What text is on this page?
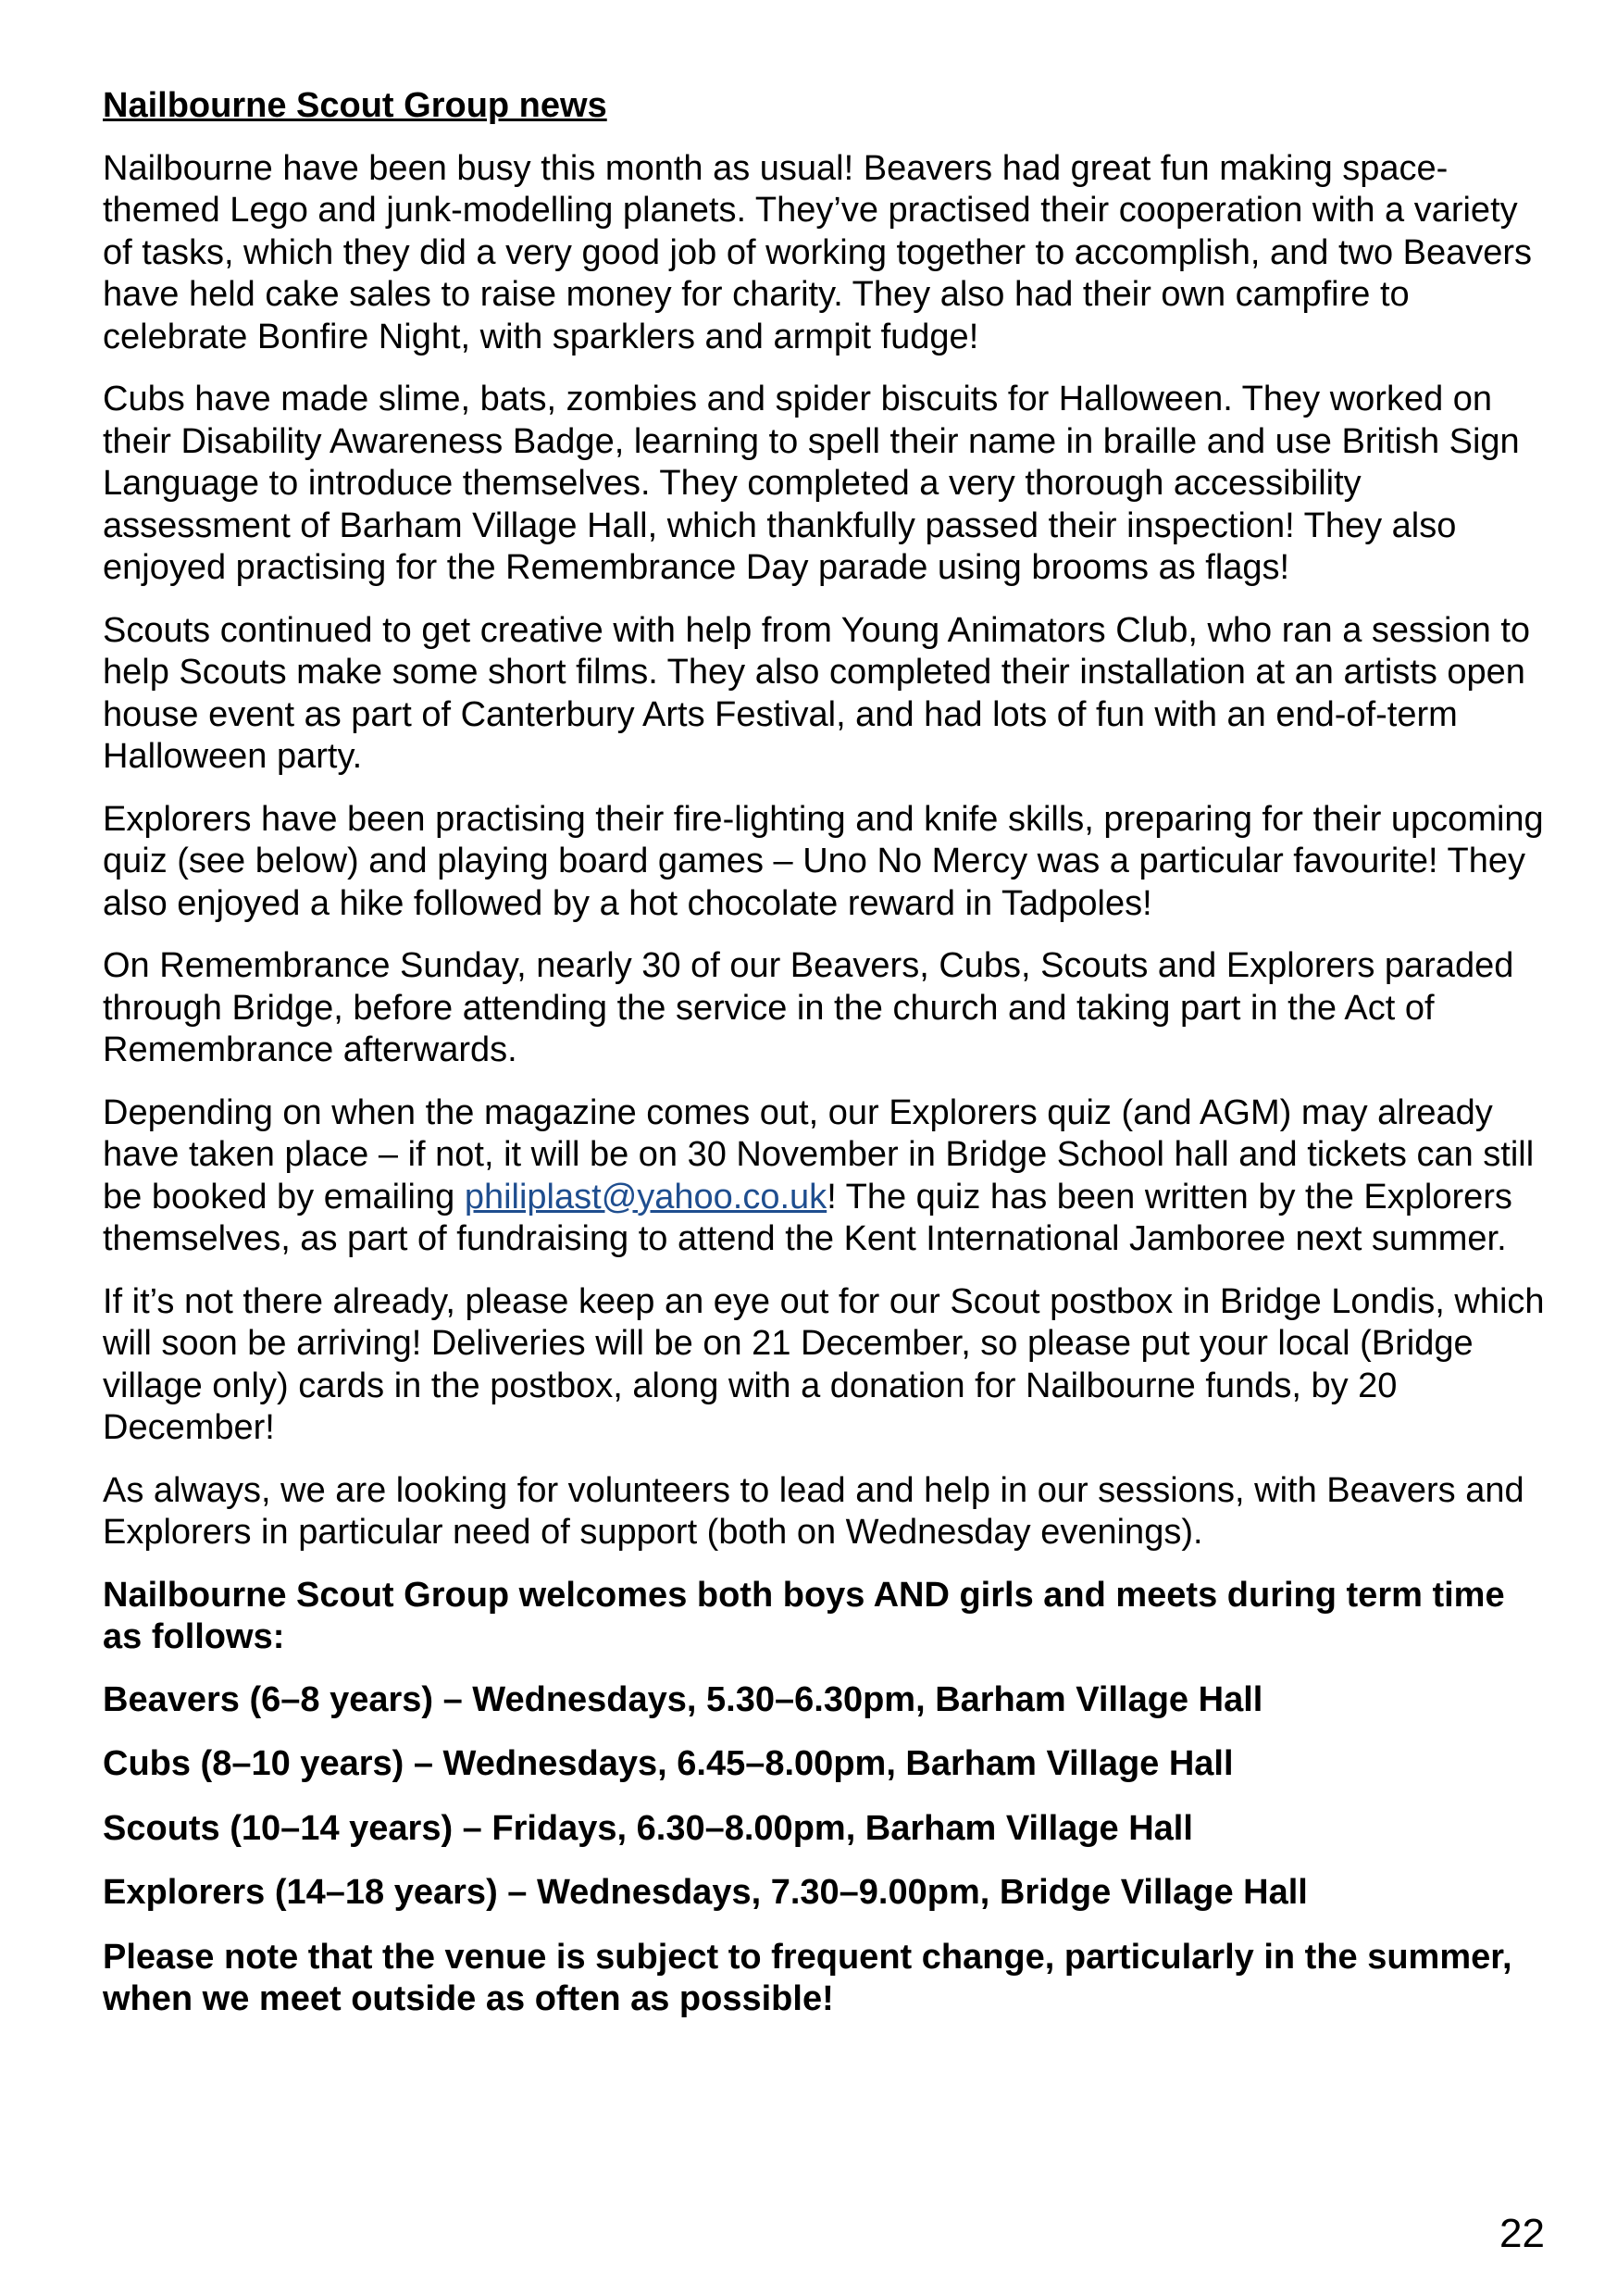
Nailbourne Scout Group news

Nailbourne have been busy this month as usual! Beavers had great fun making space-themed Lego and junk-modelling planets. They’ve practised their cooperation with a variety of tasks, which they did a very good job of working together to accomplish, and two Beavers have held cake sales to raise money for charity. They also had their own campfire to celebrate Bonfire Night, with sparklers and armpit fudge!

Cubs have made slime, bats, zombies and spider biscuits for Halloween. They worked on their Disability Awareness Badge, learning to spell their name in braille and use British Sign Language to introduce themselves. They completed a very thorough accessibility assessment of Barham Village Hall, which thankfully passed their inspection! They also enjoyed practising for the Remembrance Day parade using brooms as flags!

Scouts continued to get creative with help from Young Animators Club, who ran a session to help Scouts make some short films. They also completed their installation at an artists open house event as part of Canterbury Arts Festival, and had lots of fun with an end-of-term Halloween party.

Explorers have been practising their fire-lighting and knife skills, preparing for their upcoming quiz (see below) and playing board games – Uno No Mercy was a particular favourite! They also enjoyed a hike followed by a hot chocolate reward in Tadpoles!

On Remembrance Sunday, nearly 30 of our Beavers, Cubs, Scouts and Explorers paraded through Bridge, before attending the service in the church and taking part in the Act of Remembrance afterwards.

Depending on when the magazine comes out, our Explorers quiz (and AGM) may already have taken place – if not, it will be on 30 November in Bridge School hall and tickets can still be booked by emailing philiplast@yahoo.co.uk! The quiz has been written by the Explorers themselves, as part of fundraising to attend the Kent International Jamboree next summer.

If it’s not there already, please keep an eye out for our Scout postbox in Bridge Londis, which will soon be arriving! Deliveries will be on 21 December, so please put your local (Bridge village only) cards in the postbox, along with a donation for Nailbourne funds, by 20 December!

As always, we are looking for volunteers to lead and help in our sessions, with Beavers and Explorers in particular need of support (both on Wednesday evenings).

Nailbourne Scout Group welcomes both boys AND girls and meets during term time as follows:

Beavers (6–8 years) – Wednesdays, 5.30–6.30pm, Barham Village Hall

Cubs (8–10 years) – Wednesdays, 6.45–8.00pm, Barham Village Hall

Scouts (10–14 years) – Fridays, 6.30–8.00pm, Barham Village Hall

Explorers (14–18 years) – Wednesdays, 7.30–9.00pm, Bridge Village Hall

Please note that the venue is subject to frequent change, particularly in the summer, when we meet outside as often as possible!

22
